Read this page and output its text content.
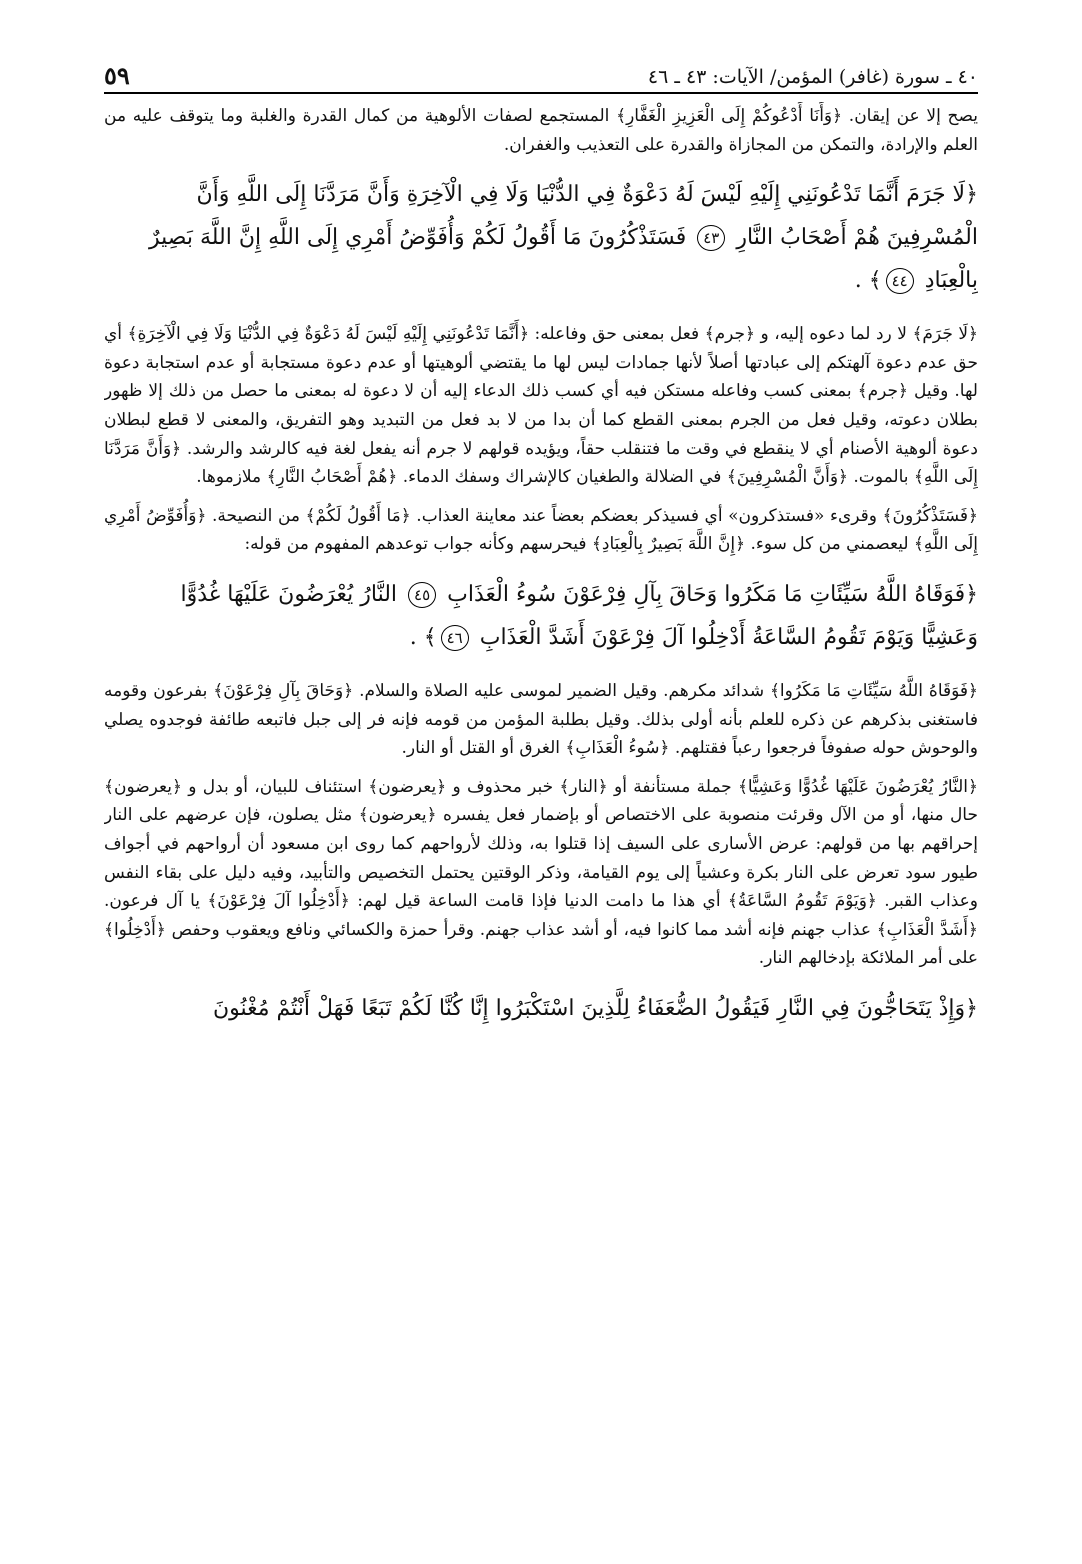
٤٠ ـ سورة (غافر) المؤمن/ الآيات: ٤٣ ـ ٤٦
٥٩

يصح إلا عن إيقان. ﴿وَأَنَا أَدْعُوكُمْ إِلَى الْعَزِيزِ الْغَفَّارِ﴾ المستجمع لصفات الألوهية من كمال القدرة والغلبة وما يتوقف عليه من العلم والإرادة، والتمكن من المجازاة والقدرة على التعذيب والغفران.

﴿لَا جَرَمَ أَنَّمَا تَدْعُونَنِي إِلَيْهِ لَيْسَ لَهُ دَعْوَةٌ فِي الدُّنْيَا وَلَا فِي الْآخِرَةِ وَأَنَّ مَرَدَّنَا إِلَى اللَّهِ وَأَنَّ
الْمُسْرِفِينَ هُمْ أَصْحَابُ النَّارِ ٤٣ فَسَتَذْكُرُونَ مَا أَقُولُ لَكُمْ وَأُفَوِّضُ أَمْرِي إِلَى اللَّهِ إِنَّ اللَّهَ بَصِيرٌ
بِالْعِبَادِ ٤٤﴾ .

﴿لَا جَرَمَ﴾ لا رد لما دعوه إليه، و ﴿جرم﴾ فعل بمعنى حق وفاعله: ﴿أَنَّمَا تَدْعُونَنِي إِلَيْهِ لَيْسَ لَهُ دَعْوَةٌ فِي الدُّنْيَا وَلَا فِي الْآخِرَةِ﴾ أي حق عدم دعوة آلهتكم إلى عبادتها أصلاً لأنها جمادات ليس لها ما يقتضي ألوهيتها أو عدم دعوة مستجابة أو عدم استجابة دعوة لها. وقيل ﴿جرم﴾ بمعنى كسب وفاعله مستكن فيه أي كسب ذلك الدعاء إليه أن لا دعوة له بمعنى ما حصل من ذلك إلا ظهور بطلان دعوته، وقيل فعل من الجرم بمعنى القطع كما أن بدا من لا بد فعل من التبديد وهو التفريق، والمعنى لا قطع لبطلان دعوة ألوهية الأصنام أي لا ينقطع في وقت ما فتنقلب حقاً، ويؤيده قولهم لا جرم أنه يفعل لغة فيه كالرشد والرشد. ﴿وَأَنَّ مَرَدَّنَا إِلَى اللَّهِ﴾ بالموت. ﴿وَأَنَّ الْمُسْرِفِينَ﴾ في الضلالة والطغيان كالإشراك وسفك الدماء. ﴿هُمْ أَصْحَابُ النَّارِ﴾ ملازموها.

﴿فَسَتَذْكُرُونَ﴾ وقرىء «فستذكرون» أي فسيذكر بعضكم بعضاً عند معاينة العذاب. ﴿مَا أَقُولُ لَكُمْ﴾ من النصيحة. ﴿وَأُفَوِّضُ أَمْرِي إِلَى اللَّهِ﴾ ليعصمني من كل سوء. ﴿إِنَّ اللَّهَ بَصِيرٌ بِالْعِبَادِ﴾ فيحرسهم وكأنه جواب توعدهم المفهوم من قوله:

﴿فَوَقَاهُ اللَّهُ سَيِّئَاتِ مَا مَكَرُوا وَحَاقَ بِآلِ فِرْعَوْنَ سُوءُ الْعَذَابِ ٤٥ النَّارُ يُعْرَضُونَ عَلَيْهَا غُدُوًّا
وَعَشِيًّا وَيَوْمَ تَقُومُ السَّاعَةُ أَدْخِلُوا آلَ فِرْعَوْنَ أَشَدَّ الْعَذَابِ ٤٦﴾ .

﴿فَوَقَاهُ اللَّهُ سَيِّئَاتِ مَا مَكَرُوا﴾ شدائد مكرهم. وقيل الضمير لموسى عليه الصلاة والسلام. ﴿وَحَاقَ بِآلِ فِرْعَوْنَ﴾ بفرعون وقومه فاستغنى بذكرهم عن ذكره للعلم بأنه أولى بذلك. وقيل بطلبة المؤمن من قومه فإنه فر إلى جبل فاتبعه طائفة فوجدوه يصلي والوحوش حوله صفوفاً فرجعوا رعباً فقتلهم. ﴿سُوءُ الْعَذَابِ﴾ الغرق أو القتل أو النار.

﴿النَّارُ يُعْرَضُونَ عَلَيْهَا غُدُوًّا وَعَشِيًّا﴾ جملة مستأنفة أو ﴿النار﴾ خبر محذوف و ﴿يعرضون﴾ استئناف للبيان، أو بدل و ﴿يعرضون﴾ حال منها، أو من الآل وقرئت منصوبة على الاختصاص أو بإضمار فعل يفسره ﴿يعرضون﴾ مثل يصلون، فإن عرضهم على النار إحراقهم بها من قولهم: عرض الأسارى على السيف إذا قتلوا به، وذلك لأرواحهم كما روى ابن مسعود أن أرواحهم في أجواف طيور سود تعرض على النار بكرة وعشياً إلى يوم القيامة، وذكر الوقتين يحتمل التخصيص والتأبيد، وفيه دليل على بقاء النفس وعذاب القبر. ﴿وَيَوْمَ تَقُومُ السَّاعَةُ﴾ أي هذا ما دامت الدنيا فإذا قامت الساعة قيل لهم: ﴿أَدْخِلُوا آلَ فِرْعَوْنَ﴾ يا آل فرعون. ﴿أَشَدَّ الْعَذَابِ﴾ عذاب جهنم فإنه أشد مما كانوا فيه، أو أشد عذاب جهنم. وقرأ حمزة والكسائي ونافع ويعقوب وحفص ﴿أَدْخِلُوا﴾ على أمر الملائكة بإدخالهم النار.

﴿وَإِذْ يَتَحَاجُّونَ فِي النَّارِ فَيَقُولُ الضُّعَفَاءُ لِلَّذِينَ اسْتَكْبَرُوا إِنَّا كُنَّا لَكُمْ تَبَعًا فَهَلْ أَنْتُمْ مُغْنُونَ
